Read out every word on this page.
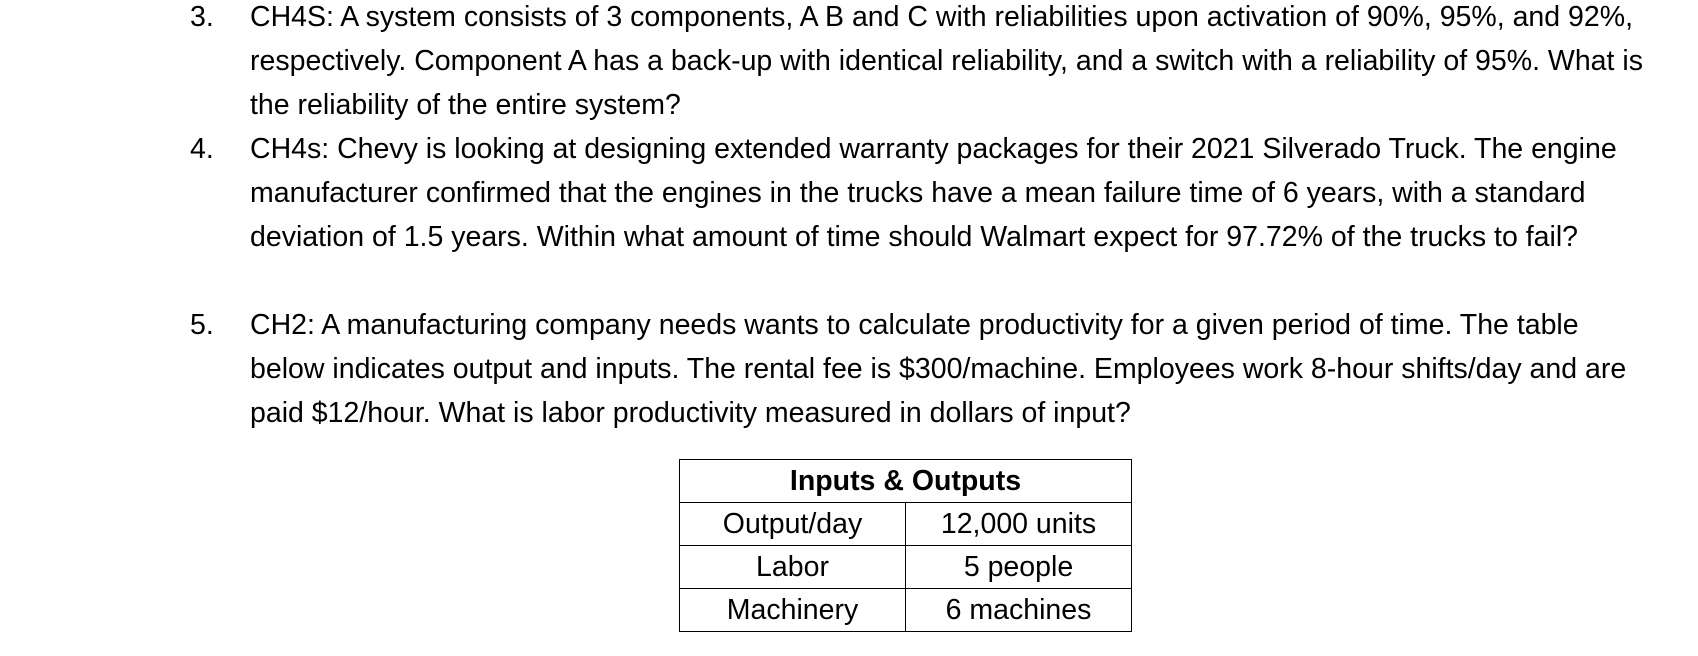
3.	CH4S: A system consists of 3 components, A B and C with reliabilities upon activation of 90%, 95%, and 92%, respectively. Component A has a back-up with identical reliability, and a switch with a reliability of 95%. What is the reliability of the entire system?
4.	CH4s: Chevy is looking at designing extended warranty packages for their 2021 Silverado Truck. The engine manufacturer confirmed that the engines in the trucks have a mean failure time of 6 years, with a standard deviation of 1.5 years. Within what amount of time should Walmart expect for 97.72% of the trucks to fail?
5.	CH2: A manufacturing company needs wants to calculate productivity for a given period of time. The table below indicates output and inputs. The rental fee is $300/machine. Employees work 8-hour shifts/day and are paid $12/hour. What is labor productivity measured in dollars of input?
Inputs & Outputs	
Output/day	12,000 units
Labor	5 people
Machinery	6 machines
